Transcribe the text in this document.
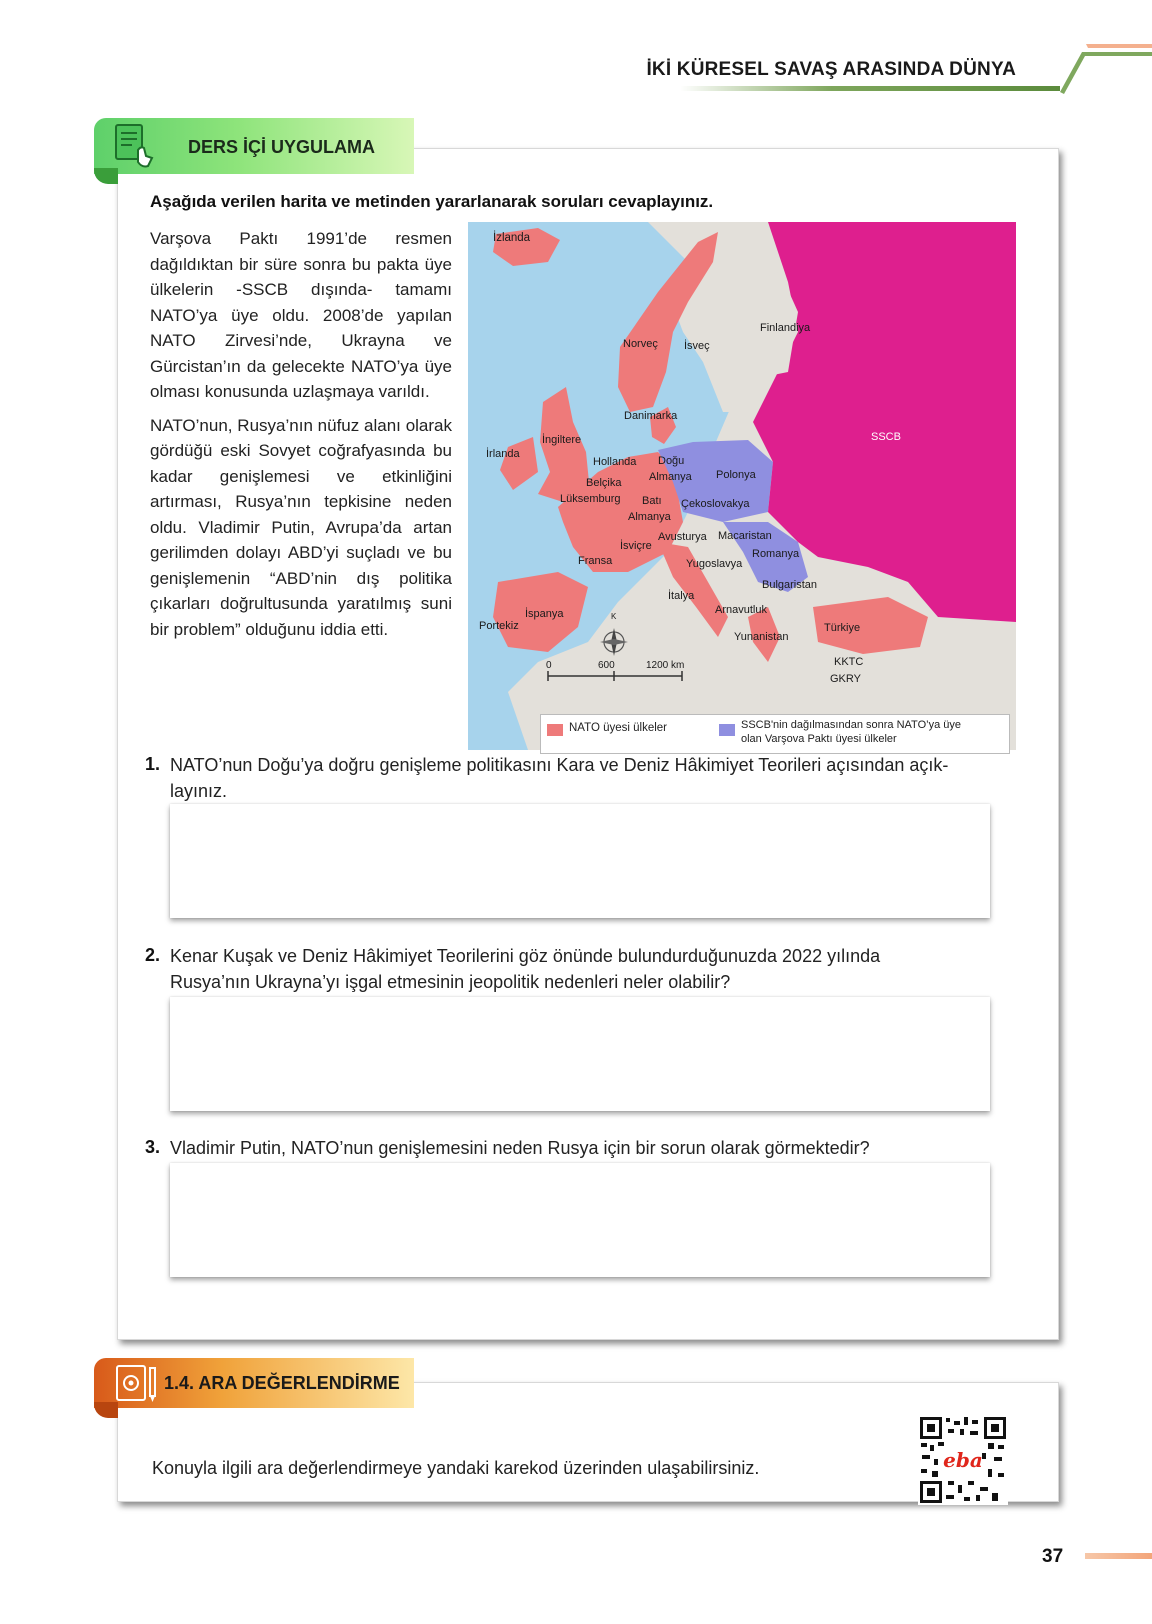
İKİ KÜRESEL SAVAŞ ARASINDA DÜNYA
DERS İÇİ UYGULAMA
Aşağıda verilen harita ve metinden yararlanarak soruları cevaplayınız.

Varşova Paktı 1991’de resmen dağıldıktan bir süre sonra bu pakta üye ülkelerin -SSCB dışında- tamamı NATO’ya üye oldu. 2008’de yapılan NATO Zirvesi’nde, Ukrayna ve Gürcistan’ın da gelecekte NATO’ya üye olması konusunda uzlaşmaya varıldı.

NATO’nun, Rusya’nın nüfuz alanı olarak gördüğü eski Sovyet coğrafyasında bu kadar genişlemesi ve etkinliğini artırması, Rusya’nın tepkisine neden oldu. Vladimir Putin, Avrupa’da artan gerilimden dolayı ABD’yi suçladı ve bu genişlemenin “ABD’nin dış politika çıkarları doğrultusunda yaratılmış suni bir problem” olduğunu iddia etti.

İzlanda
Norveç İsveç
Finlandiya
Danimarka
İngiltere
İrlanda
Hollanda
Belçika
Lüksemburg
Doğu
Almanya Polonya
Batı Çekoslovakya
Almanya
Avusturya Macaristan
İsviçre
Fransa
Romanya
Yugoslavya
Bulgaristan
İtalya
Arnavutluk
İspanya
Portekiz
Yunanistan
Türkiye
KKTC
GKRY
SSCB
K
0	600	1200 km
NATO üyesi ülkeler	SSCB'nin dağılmasından sonra NATO’ya üye
olan Varşova Paktı üyesi ülkeler
1. NATO’nun Doğu’ya doğru genişleme politikasını Kara ve Deniz Hâkimiyet Teorileri açısından açık-
layınız.
2. Kenar Kuşak ve Deniz Hâkimiyet Teorilerini göz önünde bulundurduğunuzda 2022 yılında
Rusya’nın Ukrayna’yı işgal etmesinin jeopolitik nedenleri neler olabilir?
3. Vladimir Putin, NATO’nun genişlemesini neden Rusya için bir sorun olarak görmektedir?
1.4. ARA DEĞERLENDİRME
Konuyla ilgili ara değerlendirmeye yandaki karekod üzerinden ulaşabilirsiniz.	eba
37
